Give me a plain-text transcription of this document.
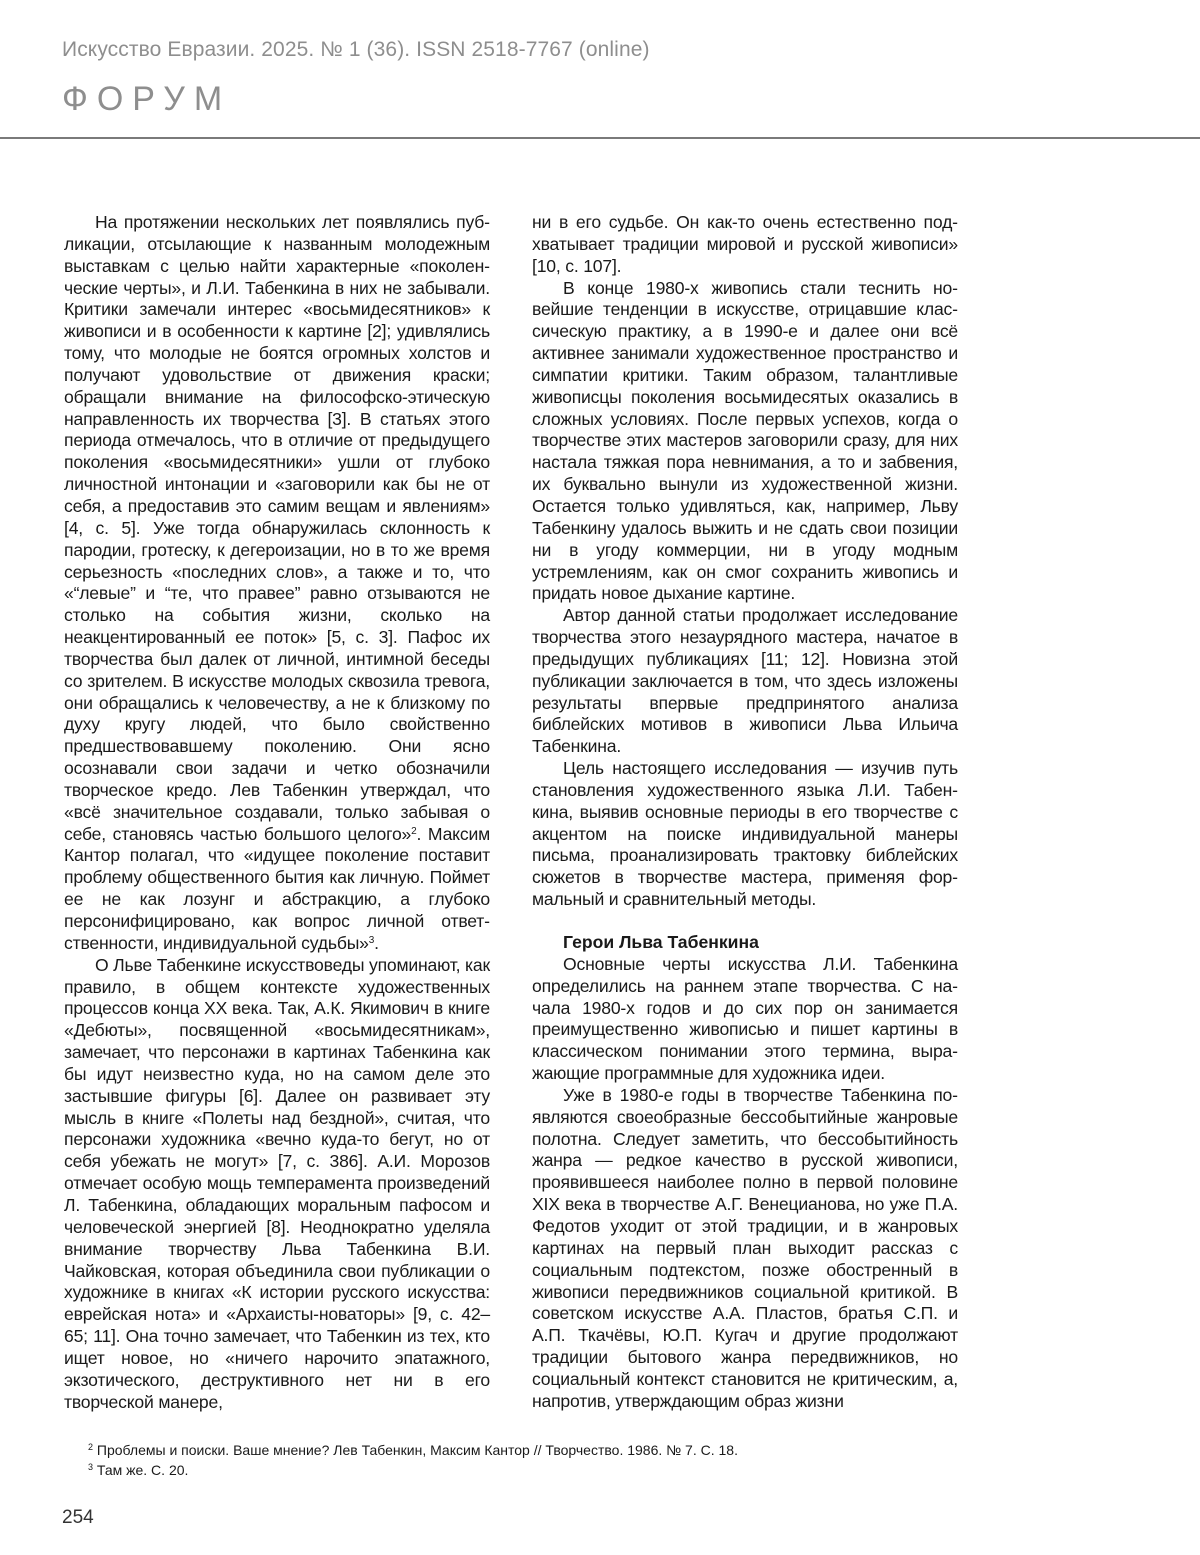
Искусство Евразии. 2025. № 1 (36). ISSN 2518-7767 (online)
ФОРУМ

На протяжении нескольких лет появлялись публикации, отсылающие к названным молодежным выставкам с целью найти характерные «поколенческие черты», и Л.И. Табенкина в них не забывали. Критики замечали интерес «восьмидесятников» к живописи и в особенности к картине [2]; удивлялись тому, что молодые не боятся огромных холстов и получают удовольствие от движения краски; обращали внимание на философско-этическую направленность их творчества [3]. В статьях этого периода отмечалось, что в отличие от предыдущего поколения «восьмидесятники» ушли от глубоко личностной интонации и «заговорили как бы не от себя, а предоставив это самим вещам и явлениям» [4, с. 5]. Уже тогда обнаружилась склонность к пародии, гротеску, к дегероизации, но в то же время серьезность «последних слов», а также и то, что «“левые” и “те, что правее” равно отзываются не столько на события жизни, сколько на неакцентированный ее поток» [5, с. 3]. Пафос их творчества был далек от личной, интимной беседы со зрителем. В искусстве молодых сквозила тревога, они обращались к человечеству, а не к близкому по духу кругу людей, что было свойственно предшествовавшему поколению. Они ясно осознавали свои задачи и четко обозначили творческое кредо. Лев Табенкин утверждал, что «всё значительное создавали, только забывая о себе, становясь частью большого целого»$^2$. Максим Кантор полагал, что «идущее поколение поставит проблему общественного бытия как личную. Поймет ее не как лозунг и абстракцию, а глубоко персонифицировано, как вопрос личной ответственности, индивидуальной судьбы»$^3$.

О Льве Табенкине искусствоведы упоминают, как правило, в общем контексте художественных процессов конца XX века. Так, А.К. Якимович в книге «Дебюты», посвященной «восьмидесятникам», замечает, что персонажи в картинах Табенкина как бы идут неизвестно куда, но на самом деле это застывшие фигуры [6]. Далее он развивает эту мысль в книге «Полеты над бездной», считая, что персонажи художника «вечно куда-то бегут, но от себя убежать не могут» [7, с. 386]. А.И. Морозов отмечает особую мощь темперамента произведений Л. Табенкина, обладающих моральным пафосом и человеческой энергией [8]. Неоднократно уделяла внимание творчеству Льва Табенкина В.И. Чайковская, которая объединила свои публикации о художнике в книгах «К истории русского искусства: еврейская нота» и «Архаисты-новаторы» [9, с. 42–65; 11]. Она точно замечает, что Табенкин из тех, кто ищет новое, но «ничего нарочито эпатажного, экзотического, деструктивного нет ни в его творческой манере,

ни в его судьбе. Он как-то очень естественно подхватывает традиции мировой и русской живописи» [10, с. 107].

В конце 1980-х живопись стали теснить новейшие тенденции в искусстве, отрицавшие классическую практику, а в 1990-е и далее они всё активнее занимали художественное пространство и симпатии критики. Таким образом, талантливые живописцы поколения восьмидесятых оказались в сложных условиях. После первых успехов, когда о творчестве этих мастеров заговорили сразу, для них настала тяжкая пора невнимания, а то и забвения, их буквально вынули из художественной жизни. Остается только удивляться, как, например, Льву Табенкину удалось выжить и не сдать свои позиции ни в угоду коммерции, ни в угоду модным устремлениям, как он смог сохранить живопись и придать новое дыхание картине.

Автор данной статьи продолжает исследование творчества этого незаурядного мастера, начатое в предыдущих публикациях [11; 12]. Новизна этой публикации заключается в том, что здесь изложены результаты впервые предпринятого анализа библейских мотивов в живописи Льва Ильича Табенкина.

Цель настоящего исследования — изучив путь становления художественного языка Л.И. Табенкина, выявив основные периоды в его творчестве с акцентом на поиске индивидуальной манеры письма, проанализировать трактовку библейских сюжетов в творчестве мастера, применяя формальный и сравнительный методы.

Герои Льва Табенкина

Основные черты искусства Л.И. Табенкина определились на раннем этапе творчества. С начала 1980-х годов и до сих пор он занимается преимущественно живописью и пишет картины в классическом понимании этого термина, выражающие программные для художника идеи.

Уже в 1980-е годы в творчестве Табенкина появляются своеобразные бессобытийные жанровые полотна. Следует заметить, что бессобытийность жанра — редкое качество в русской живописи, проявившееся наиболее полно в первой половине XIX века в творчестве А.Г. Венецианова, но уже П.А. Федотов уходит от этой традиции, и в жанровых картинах на первый план выходит рассказ с социальным подтекстом, позже обостренный в живописи передвижников социальной критикой. В советском искусстве А.А. Пластов, братья С.П. и А.П. Ткачёвы, Ю.П. Кугач и другие продолжают традиции бытового жанра передвижников, но социальный контекст становится не критическим, а, напротив, утверждающим образ жизни

$^2$ Проблемы и поиски. Ваше мнение? Лев Табенкин, Максим Кантор // Творчество. 1986. № 7. С. 18.
$^3$ Там же. С. 20.
254
